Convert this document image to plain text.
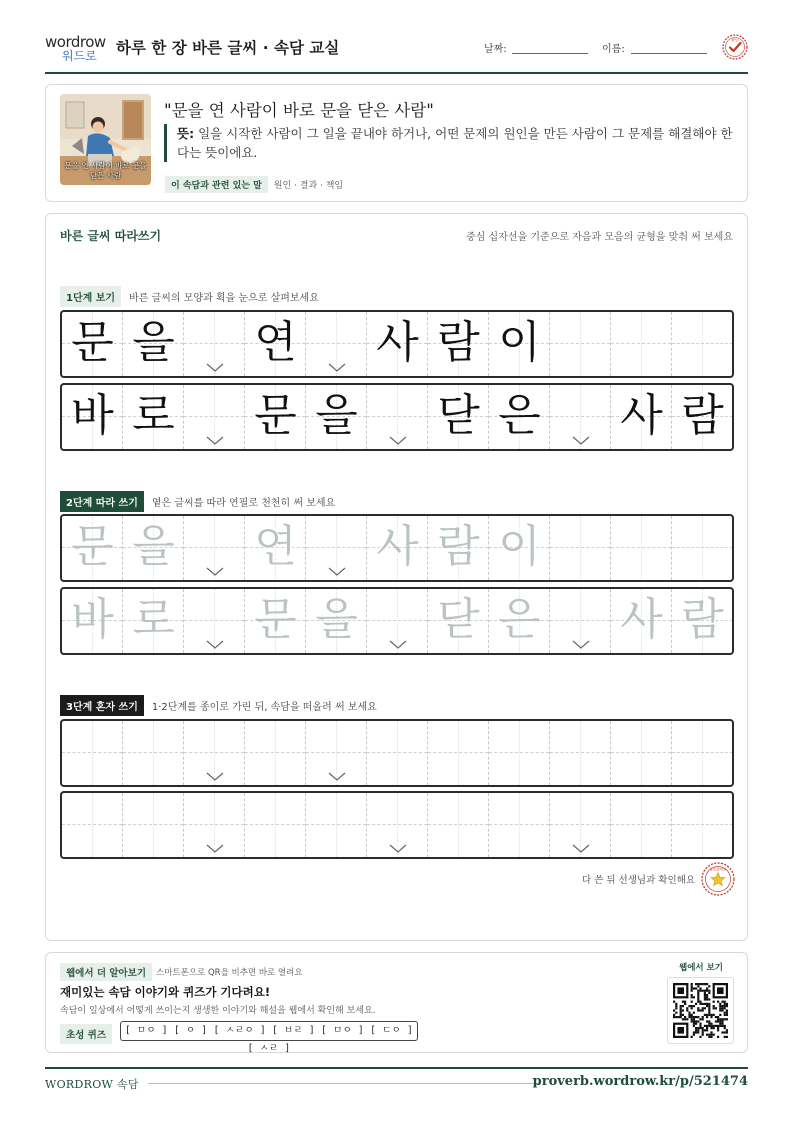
wordrow
워드로 하루 한 장 바른 글씨 · 속담 교실	날짜:	이름:
확인
문을 연 사람이 바로 문을 닫은 사람
"문을 연 사람이 바로 문을 닫은 사람"
뜻: 일을 시작한 사람이 그 일을 끝내야 하거나, 어떤 문제의 원인을 만든 사람이 그 문제를 해결해야 한다는 뜻이에요.
이 속담과 관련 있는 말	원인 · 결과 · 책임
바른 글씨 따라쓰기	중심 십자선을 기준으로 자음과 모음의 균형을 맞춰 써 보세요
1단계 보기	바른 글씨의 모양과 획을 눈으로 살펴보세요
문 을 연 사 람 이
바 로 문 을 닫 은 사 람
2단계 따라 쓰기	옅은 글씨를 따라 연필로 천천히 써 보세요
문 을 연 사 람 이
바 로 문 을 닫 은 사 람
3단계 혼자 쓰기	1·2단계를 종이로 가린 뒤, 속담을 떠올려 써 보세요
다 쓴 뒤 선생님과 확인해요
참잘했어요
웹에서 더 알아보기	스마트폰으로 QR을 비추면 바로 열려요
재미있는 속담 이야기와 퀴즈가 기다려요!
속담이 일상에서 어떻게 쓰이는지 생생한 이야기와 해설을 웹에서 확인해 보세요.
초성 퀴즈	[ ㅁㅇ ] [ ㅇ ] [ ㅅㄹㅇ ] [ ㅂㄹ ] [ ㅁㅇ ] [ ㄷㅇ ] [ ㅅㄹ ]
웹에서 보기
WORDROW 속담	proverb.wordrow.kr/p/521474
